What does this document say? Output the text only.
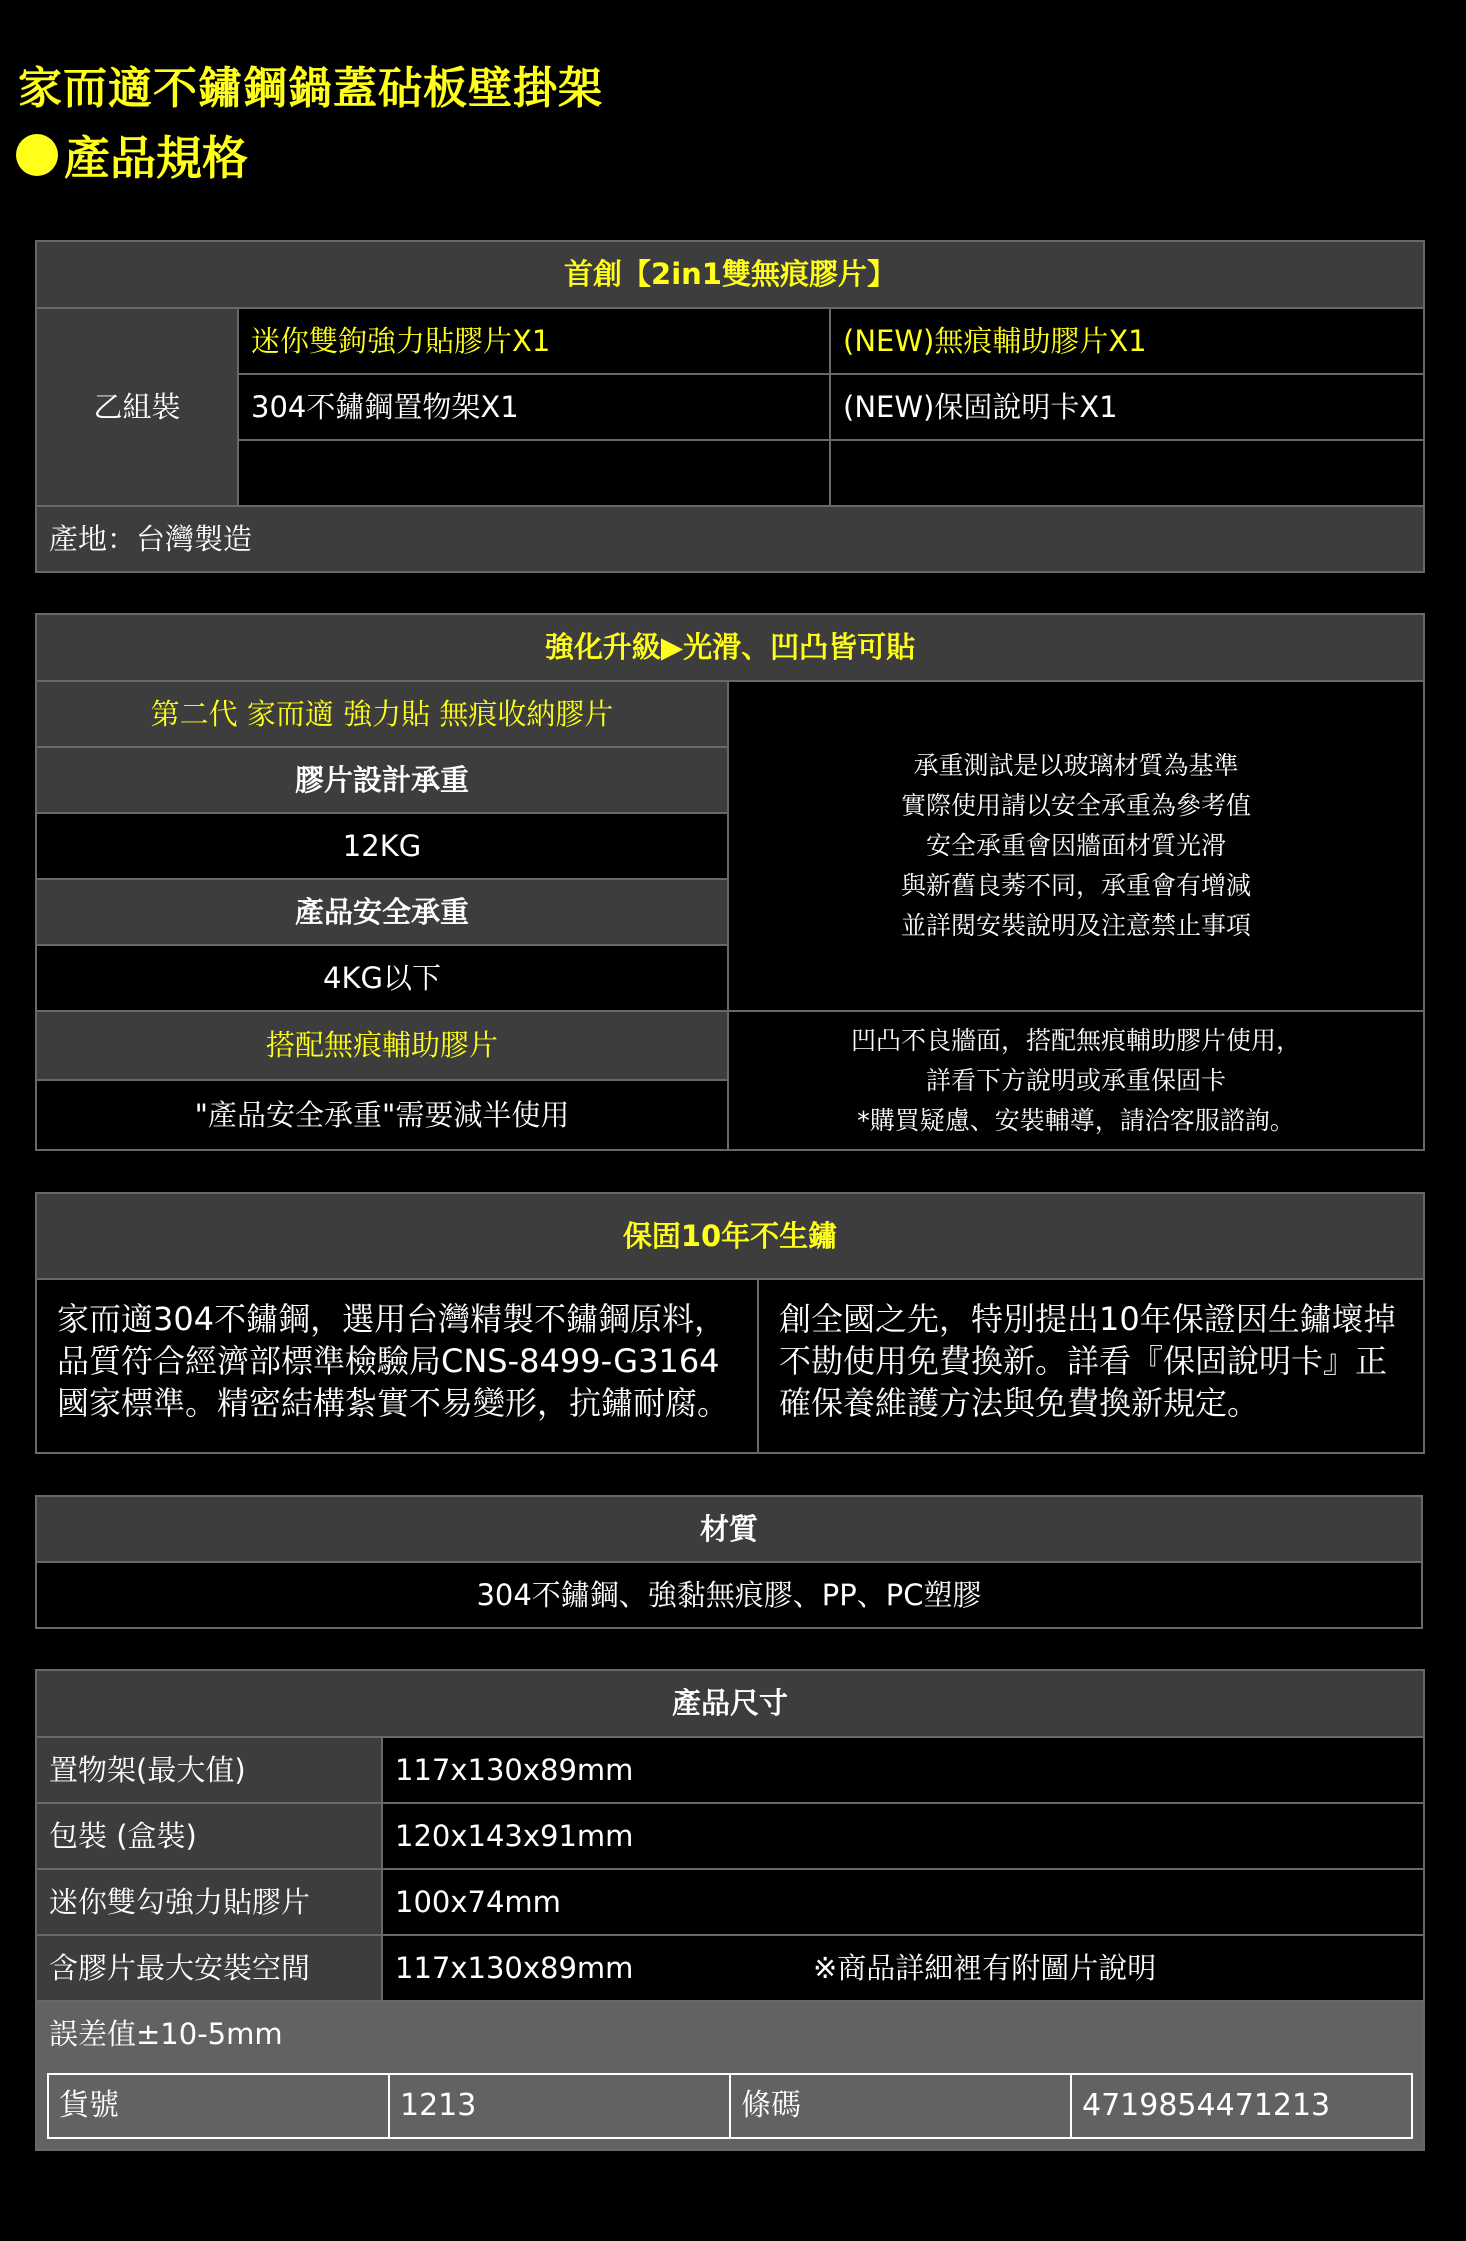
家而適不鏽鋼鍋蓋砧板壁掛架
產品規格
首創【2in1雙無痕膠片】		
乙組裝	迷你雙鉤強力貼膠片X1	(NEW)無痕輔助膠片X1
	304不鏽鋼置物架X1	(NEW)保固說明卡X1

產地：台灣製造		
強化升級▶光滑、凹凸皆可貼	
第二代 家而適 強力貼 無痕收納膠片	承重測試是以玻璃材質為基準
實際使用請以安全承重為參考值
安全承重會因牆面材質光滑
與新舊良莠不同，承重會有增減
並詳閱安裝說明及注意禁止事項

膠片設計承重	
12KG	
產品安全承重	
4KG以下	
搭配無痕輔助膠片	凹凸不良牆面，搭配無痕輔助膠片使用，
詳看下方說明或承重保固卡
*購買疑慮、安裝輔導，請洽客服諮詢。

"產品安全承重"需要減半使用	
保固10年不生鏽

家而適304不鏽鋼，選用台灣精製不鏽鋼原料，
品質符合經濟部標準檢驗局CNS-8499-G3164
國家標準。精密結構紮實不易變形，抗鏽耐腐。

創全國之先，特別提出10年保證因生鏽壞掉
不勘使用免費換新。詳看『保固說明卡』正
確保養維護方法與免費換新規定。
材質
304不鏽鋼、強黏無痕膠、PP、PC塑膠
產品尺寸
置物架(最大值)	117x130x89mm
包裝 (盒裝)	120x143x91mm
迷你雙勾強力貼膠片	100x74mm
含膠片最大安裝空間	117x130x89mm	※商品詳細裡有附圖片說明
誤差值±10-5mm

貨號	1213	條碼	4719854471213
